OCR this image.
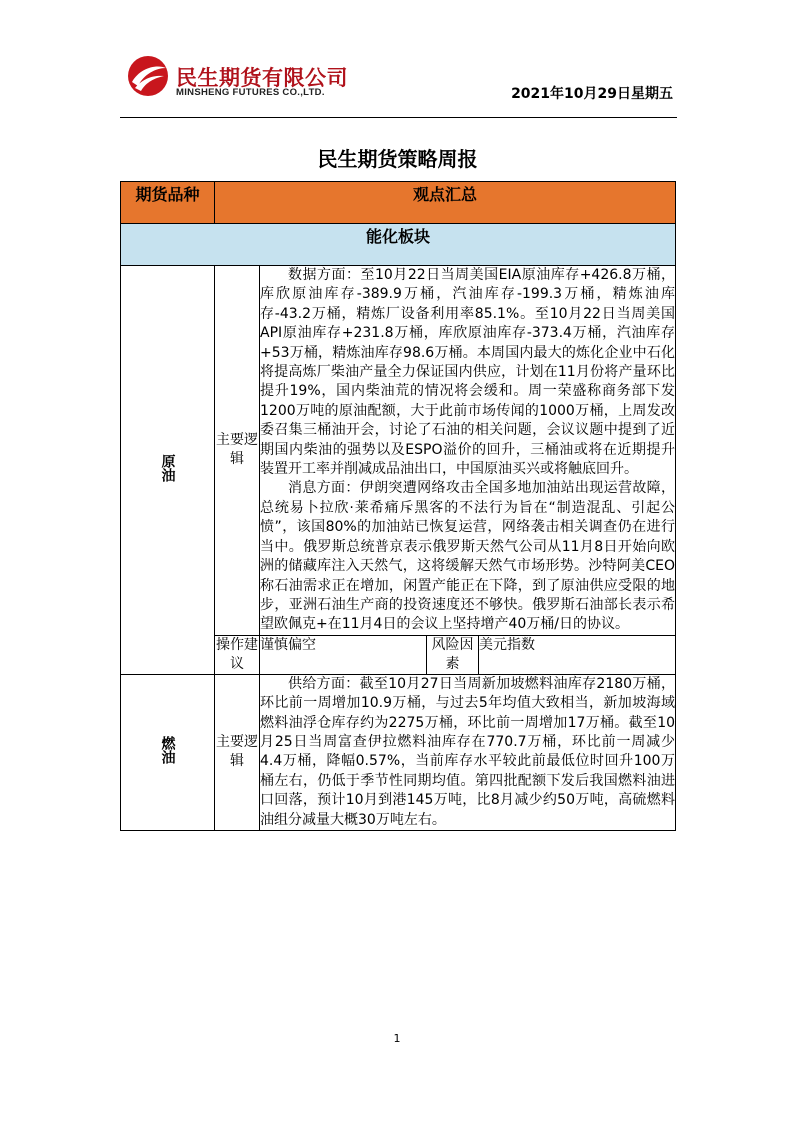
民生期货有限公司
MINSHENG FUTURES CO.,LTD.	2021年10月29日星期五
民生期货策略周报
期货品种	观点汇总			
能化板块				
原油	主要逻辑	数据方面：至10月22日当周美国EIA原油库存+426.8万桶，库欣原油库存-389.9万桶，汽油库存-199.3万桶，精炼油库存-43.2万桶，精炼厂设备利用率85.1%。至10月22日当周美国API原油库存+231.8万桶，库欣原油库存-373.4万桶，汽油库存+53万桶，精炼油库存98.6万桶。本周国内最大的炼化企业中石化将提高炼厂柴油产量全力保证国内供应，计划在11月份将产量环比提升19%，国内柴油荒的情况将会缓和。周一荣盛称商务部下发1200万吨的原油配额，大于此前市场传闻的1000万桶，上周发改委召集三桶油开会，讨论了石油的相关问题，会议议题中提到了近期国内柴油的强势以及ESPO溢价的回升，三桶油或将在近期提升装置开工率并削减成品油出口，中国原油买兴或将触底回升。

消息方面：伊朗突遭网络攻击全国多地加油站出现运营故障，总统易卜拉欣·莱希痛斥黑客的不法行为旨在“制造混乱、引起公愤”，该国80%的加油站已恢复运营，网络袭击相关调查仍在进行当中。俄罗斯总统普京表示俄罗斯天然气公司从11月8日开始向欧洲的储藏库注入天然气，这将缓解天然气市场形势。沙特阿美CEO称石油需求正在增加，闲置产能正在下降，到了原油供应受限的地步，亚洲石油生产商的投资速度还不够快。俄罗斯石油部长表示希望欧佩克+在11月4日的会议上坚持增产40万桶/日的协议。		

	操作建议	谨慎偏空	风险因素	美元指数
燃油	主要逻辑	供给方面：截至10月27日当周新加坡燃料油库存2180万桶，环比前一周增加10.9万桶，与过去5年均值大致相当，新加坡海域燃料油浮仓库存约为2275万桶，环比前一周增加17万桶。截至10月25日当周富查伊拉燃料油库存在770.7万桶，环比前一周减少4.4万桶，降幅0.57%，当前库存水平较此前最低位时回升100万桶左右，仍低于季节性同期均值。第四批配额下发后我国燃料油进口回落，预计10月到港145万吨，比8月减少约50万吨，高硫燃料油组分减量大概30万吨左右。		

1
